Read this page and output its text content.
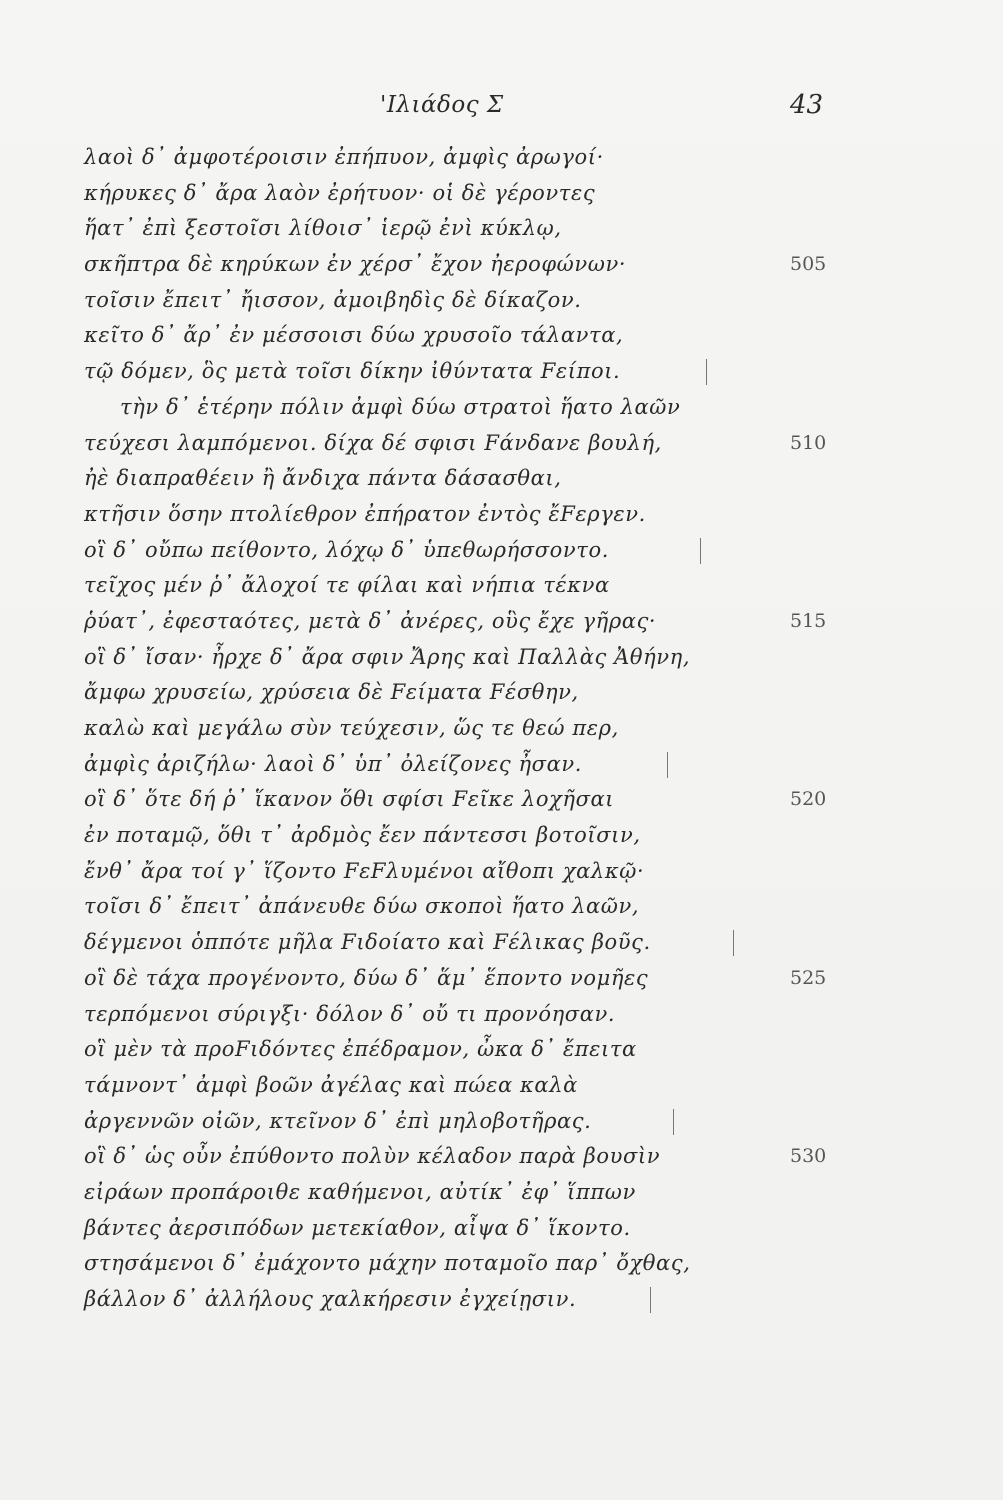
'Ιλιάδος Σ	43
λαοὶ δ᾽ ἀμφοτέροισιν ἐπήπυον, ἀμφὶς ἀρωγοί·
κήρυκες δ᾽ ἄρα λαὸν ἐρήτυον· οἱ δὲ γέροντες
ἥατ᾽ ἐπὶ ξεστοῖσι λίθοισ᾽ ἱερῷ ἐνὶ κύκλῳ,
σκῆπτρα δὲ κηρύκων ἐν χέρσ᾽ ἔχον ἠεροφώνων·	505
τοῖσιν ἔπειτ᾽ ἤισσον, ἀμοιβηδὶς δὲ δίκαζον.
κεῖτο δ᾽ ἄρ᾽ ἐν μέσσοισι δύω χρυσοῖο τάλαντα,
τῷ δόμεν, ὃς μετὰ τοῖσι δίκην ἰθύντατα Fείποι.
τὴν δ᾽ ἑτέρην πόλιν ἀμφὶ δύω στρατοὶ ἥατο λαῶν
τεύχεσι λαμπόμενοι. δίχα δέ σφισι Fάνδανε βουλή,	510
ἠὲ διαπραθέειν ἢ ἄνδιχα πάντα δάσασθαι,
κτῆσιν ὅσην πτολίεθρον ἐπήρατον ἐντὸς ἔFεργεν.
οἳ δ᾽ οὔπω πείθοντο, λόχῳ δ᾽ ὑπεθωρήσσοντο.
τεῖχος μέν ῥ᾽ ἄλοχοί τε φίλαι καὶ νήπια τέκνα
ῥύατ᾽, ἐφεσταότες, μετὰ δ᾽ ἀνέρες, οὓς ἔχε γῆρας·	515
οἳ δ᾽ ἴσαν· ἦρχε δ᾽ ἄρα σφιν Ἄρης καὶ Παλλὰς Ἀθήνη,
ἄμφω χρυσείω, χρύσεια δὲ Fείματα Fέσθην,
καλὼ καὶ μεγάλω σὺν τεύχεσιν, ὥς τε θεώ περ,
ἀμφὶς ἀριζήλω· λαοὶ δ᾽ ὑπ᾽ ὀλείζονες ἦσαν.
οἳ δ᾽ ὅτε δή ῥ᾽ ἵκανον ὅθι σφίσι Fεῖκε λοχῆσαι	520
ἐν ποταμῷ, ὅθι τ᾽ ἀρδμὸς ἔεν πάντεσσι βοτοῖσιν,
ἔνθ᾽ ἄρα τοί γ᾽ ἵζοντο FεFλυμένοι αἴθοπι χαλκῷ·
τοῖσι δ᾽ ἔπειτ᾽ ἀπάνευθε δύω σκοποὶ ἥατο λαῶν,
δέγμενοι ὁππότε μῆλα Fιδοίατο καὶ Fέλικας βοῦς.
οἳ δὲ τάχα προγένοντο, δύω δ᾽ ἅμ᾽ ἕποντο νομῆες	525
τερπόμενοι σύριγξι· δόλον δ᾽ οὔ τι προνόησαν.
οἳ μὲν τὰ προFιδόντες ἐπέδραμον, ὦκα δ᾽ ἔπειτα
τάμνοντ᾽ ἀμφὶ βοῶν ἀγέλας καὶ πώεα καλὰ
ἀργεννῶν οἰῶν, κτεῖνον δ᾽ ἐπὶ μηλοβοτῆρας.
οἳ δ᾽ ὡς οὖν ἐπύθοντο πολὺν κέλαδον παρὰ βουσὶν	530
εἰράων προπάροιθε καθήμενοι, αὐτίκ᾽ ἐφ᾽ ἵππων
βάντες ἀερσιπόδων μετεκίαθον, αἶψα δ᾽ ἵκοντο.
στησάμενοι δ᾽ ἐμάχοντο μάχην ποταμοῖο παρ᾽ ὄχθας,
βάλλον δ᾽ ἀλλήλους χαλκήρεσιν ἐγχείῃσιν.
